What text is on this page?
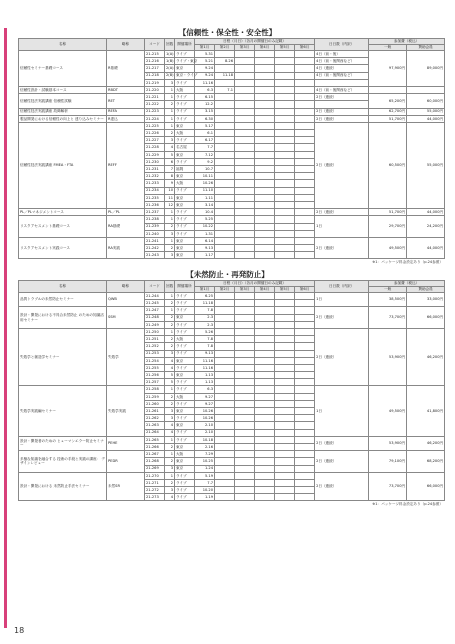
【信頼性・保全性・安全性】
名称	略称	コード	回数	開催場所	日程（月日）（各月の開催日のみ記載）						日日数（内訳）	参加費（税込）	
					第1月	第2月	第3月	第4月	第5月	第6月		一般	賛助会員
信頼性セミナー基礎コース	R基礎	21-215	1(A)	ライブ	5.31						4日（前・後）	97,900円	89,000円
		21-216	1(B)	ライブ・東京	5.21	8.26					4日（前・後関西など）		
		21-217	2(A)	東京	9.24						4日（連続）		
		21-218	2(B)	東京・ライブ	9.24	11.18					4日（前・後関西など）		
		21-219	3	ライブ	11.16								
信頼性設計・試験基本コース	RBDT	21-220	1	大阪	6.3	7.1					4日（前・後関西など）		
信頼性技法実践講座 信頼性試験	RET	21-221	1	ライブ	6.15						2日（連続）	65,200円	60,000円
		21-222	2	ライブ	12.2								
信頼性技法実践講座 故障解析	REFA	21-223	1	ライブ	3.15						2日（連続）	62,700円	55,000円
製品開発における信頼性の向上と 達り込みセミナー	R達込	21-224	1	ライブ	6.30						2日（連続）	51,700円	44,000円
信頼性技法実践講座 FMEA・FTA	REFF	21-225	1	東京	5.17						2日（連続）	60,500円	55,000円
		21-226	2	大阪	6.1								
		21-227	3	ライブ	6.17								
		21-228	4	名古屋	7.7								
		21-229	5	東京	7.12								
		21-230	6	ライブ	9.2								
		21-231	7	福岡	10.7								
		21-232	8	東京	10.11								
		21-233	9	大阪	10.26								
		21-234	10	ライブ	11.10								
		21-235	11	東京	1.11								
		21-236	12	東京	3.14								
PL／PLマネジメントコース	PL／PL	21-237	1	ライブ	10.4						2日（連続）	51,700円	44,000円
リスクアセスメント基礎コース	RA基礎	21-238	1	ライブ	5.25						1日	29,700円	24,200円
		21-239	2	ライブ	10.22								
		21-240	3	ライブ	1.31								
リスクアセスメント実践コース	RA実践	21-241	1	東京	6.14						2日（連続）	49,500円	44,000円
		21-242	2	東京	9.13								
		21-243	3	東京	1.17								
※1：パッケージ料金設定あり（p.24参照）
【未然防止・再発防止】
名称	略称	コード	回数	開催場所	日程（月日）（各月の開催日のみ記載）						日日数（内訳）	参加費（税込）	
					第1月	第2月	第3月	第4月	第5月	第6月		一般	賛助会員
品質トラブルの未然防止セミナー	QWB	21-244	1	ライブ	6.25						1日	38,500円	33,000円
		21-245	2	ライブ	11.18								
設計・開発における不具合未然防止 のための知識活用セミナー	SSM	21-247	1	ライブ	7.8						2日（連続）	73,700円	66,000円
		21-248	2	東京	2.3								
		21-249	2	ライブ	2.3								
失敗学と創造学セミナー	失敗学	21-250	1	ライブ	5.26						2日（連続）	53,900円	46,200円
		21-251	2	大阪	7.8								
		21-252	2	ライブ	7.8								
		21-253	3	ライブ	9.13								
		21-254	4	東京	11.16								
		21-255	4	ライブ	11.16								
		21-256	5	東京	1.13								
		21-257	5	ライブ	1.13								
失敗学実践編セミナー	失敗学実践	21-258	1	ライブ	6.3						1日	49,500円	41,800円
		21-259	2	大阪	9.27								
		21-260	2	ライブ	9.27								
		21-261	3	東京	10.26								
		21-262	3	ライブ	10.26								
		21-263	4	東京	2.10								
		21-264	4	ライブ	2.10								
設計・開発者のための ヒューマンエラー防止セミナー	PEHE	21-265	1	ライブ	10.18						2日（連続）	53,900円	46,200円
		21-266	2	東京	2.16								
多様な知識を融合する 技術の手段と実践の講座： デザインレビュー	PEDR	21-267	1	大阪	7.29						2日（連続）	79,100円	68,200円
		21-268	2	東京	10.25								
		21-269	3	東京	1.24								
設計・開発における 未然防止手法セミナー	未然SR	21-270	1	ライブ	5.19						2日（連続）	73,700円	66,000円
		21-271	2	ライブ	7.7								
		21-272	3	ライブ	10.20								
		21-273	4	ライブ	1.19								
※1：パッケージ料金設定あり（p.24参照）
18
